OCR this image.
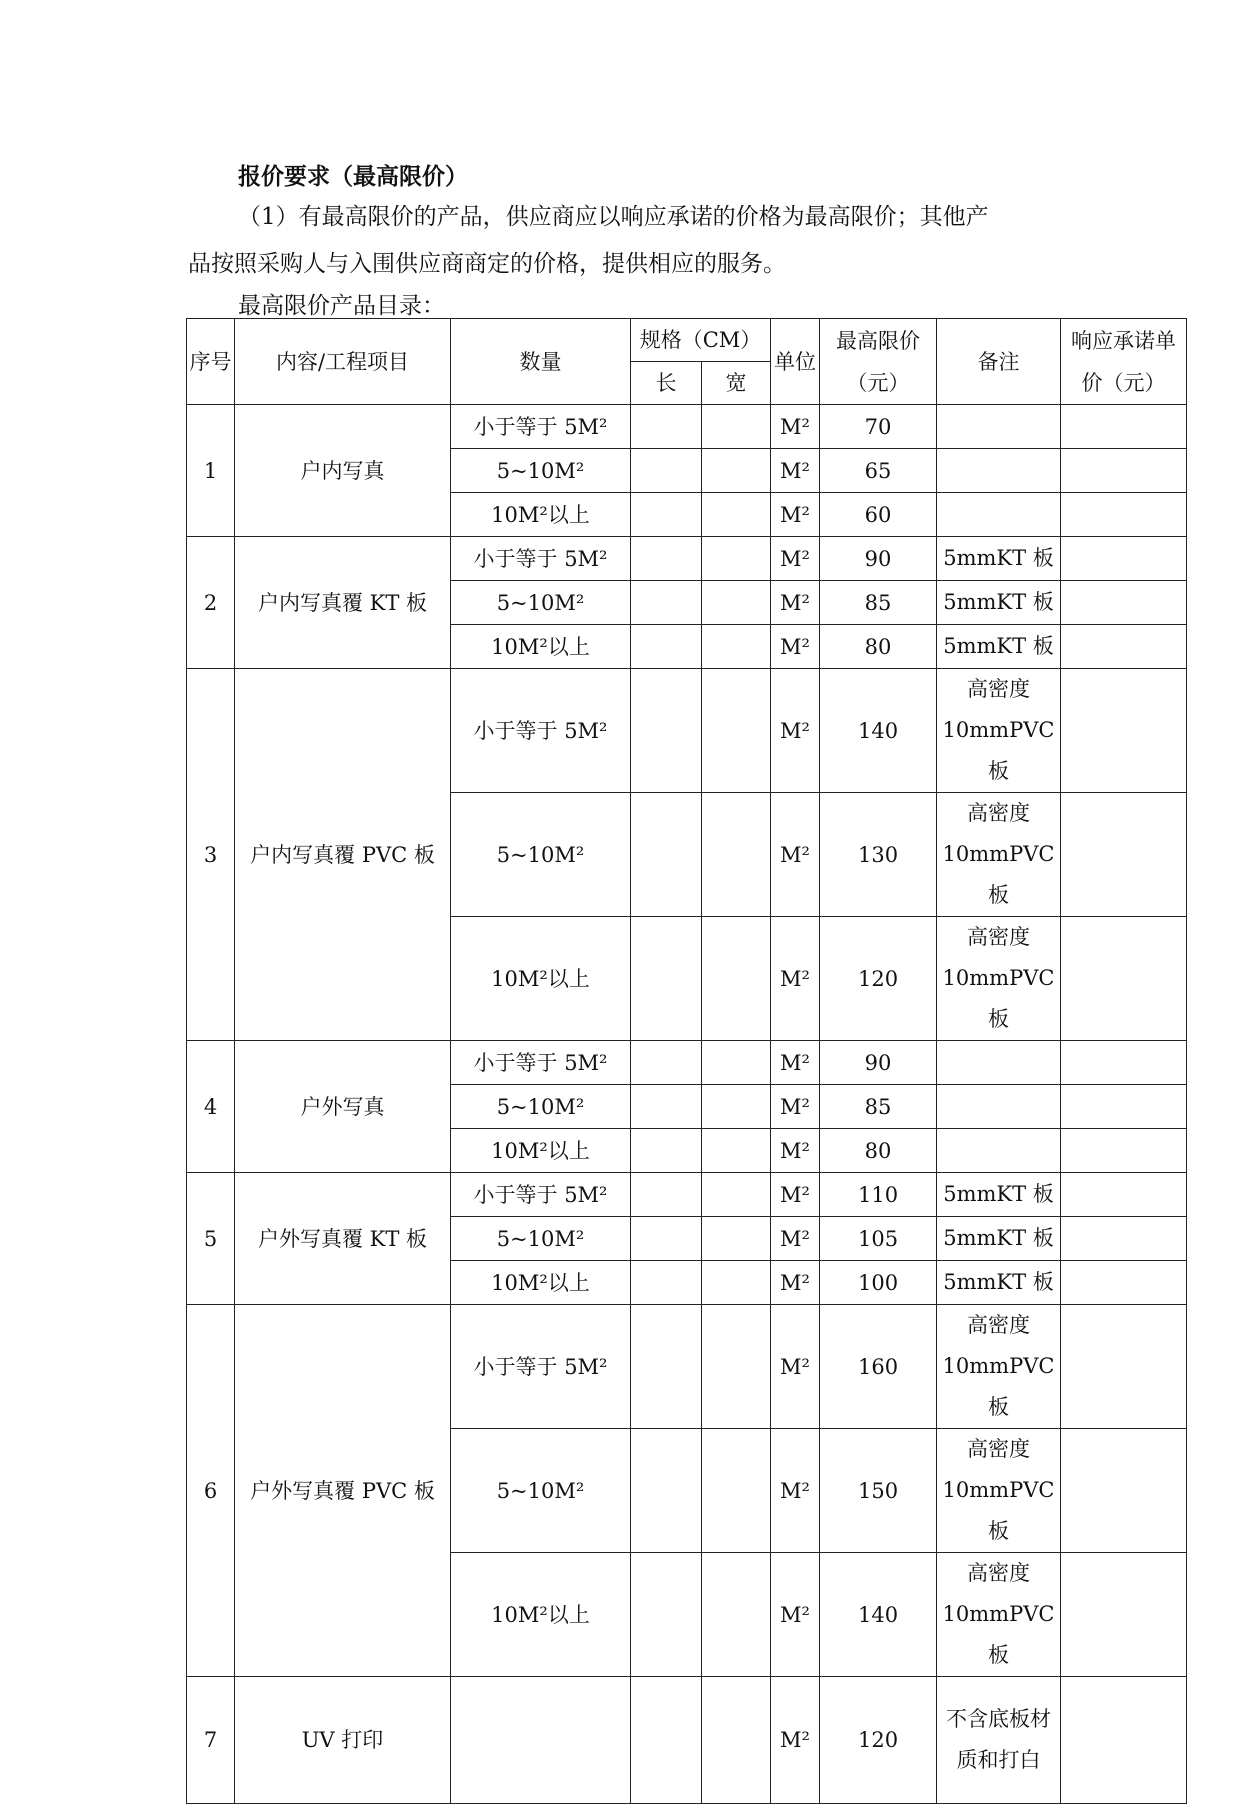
报价要求（最高限价）
（1）有最高限价的产品，供应商应以响应承诺的价格为最高限价；其他产
品按照采购人与入围供应商商定的价格，提供相应的服务。
最高限价产品目录：
序号	内容/工程项目	数量	规格（CM）		单位	最高限价（元）	备注	响应承诺单价（元）
			长	宽				
1	户内写真	小于等于 5M²			M²	70	

		5~10M²			M²	65	

		10M²以上			M²	60	

2	户内写真覆 KT 板	小于等于 5M²			M²	90	5mmKT 板	

		5~10M²			M²	85	5mmKT 板	

		10M²以上			M²	80	5mmKT 板	

3	户内写真覆 PVC 板	小于等于 5M²			M²	140	高密度 10mmPVC 板	

		5~10M²			M²	130	高密度 10mmPVC 板	

		10M²以上			M²	120	高密度 10mmPVC 板	

4	户外写真	小于等于 5M²			M²	90	

		5~10M²			M²	85	

		10M²以上			M²	80	

5	户外写真覆 KT 板	小于等于 5M²			M²	110	5mmKT 板	

		5~10M²			M²	105	5mmKT 板	

		10M²以上			M²	100	5mmKT 板	

6	户外写真覆 PVC 板	小于等于 5M²			M²	160	高密度 10mmPVC 板	

		5~10M²			M²	150	高密度 10mmPVC 板	

		10M²以上			M²	140	高密度 10mmPVC 板	

7	UV 打印				M²	120	不含底板材质和打白	
